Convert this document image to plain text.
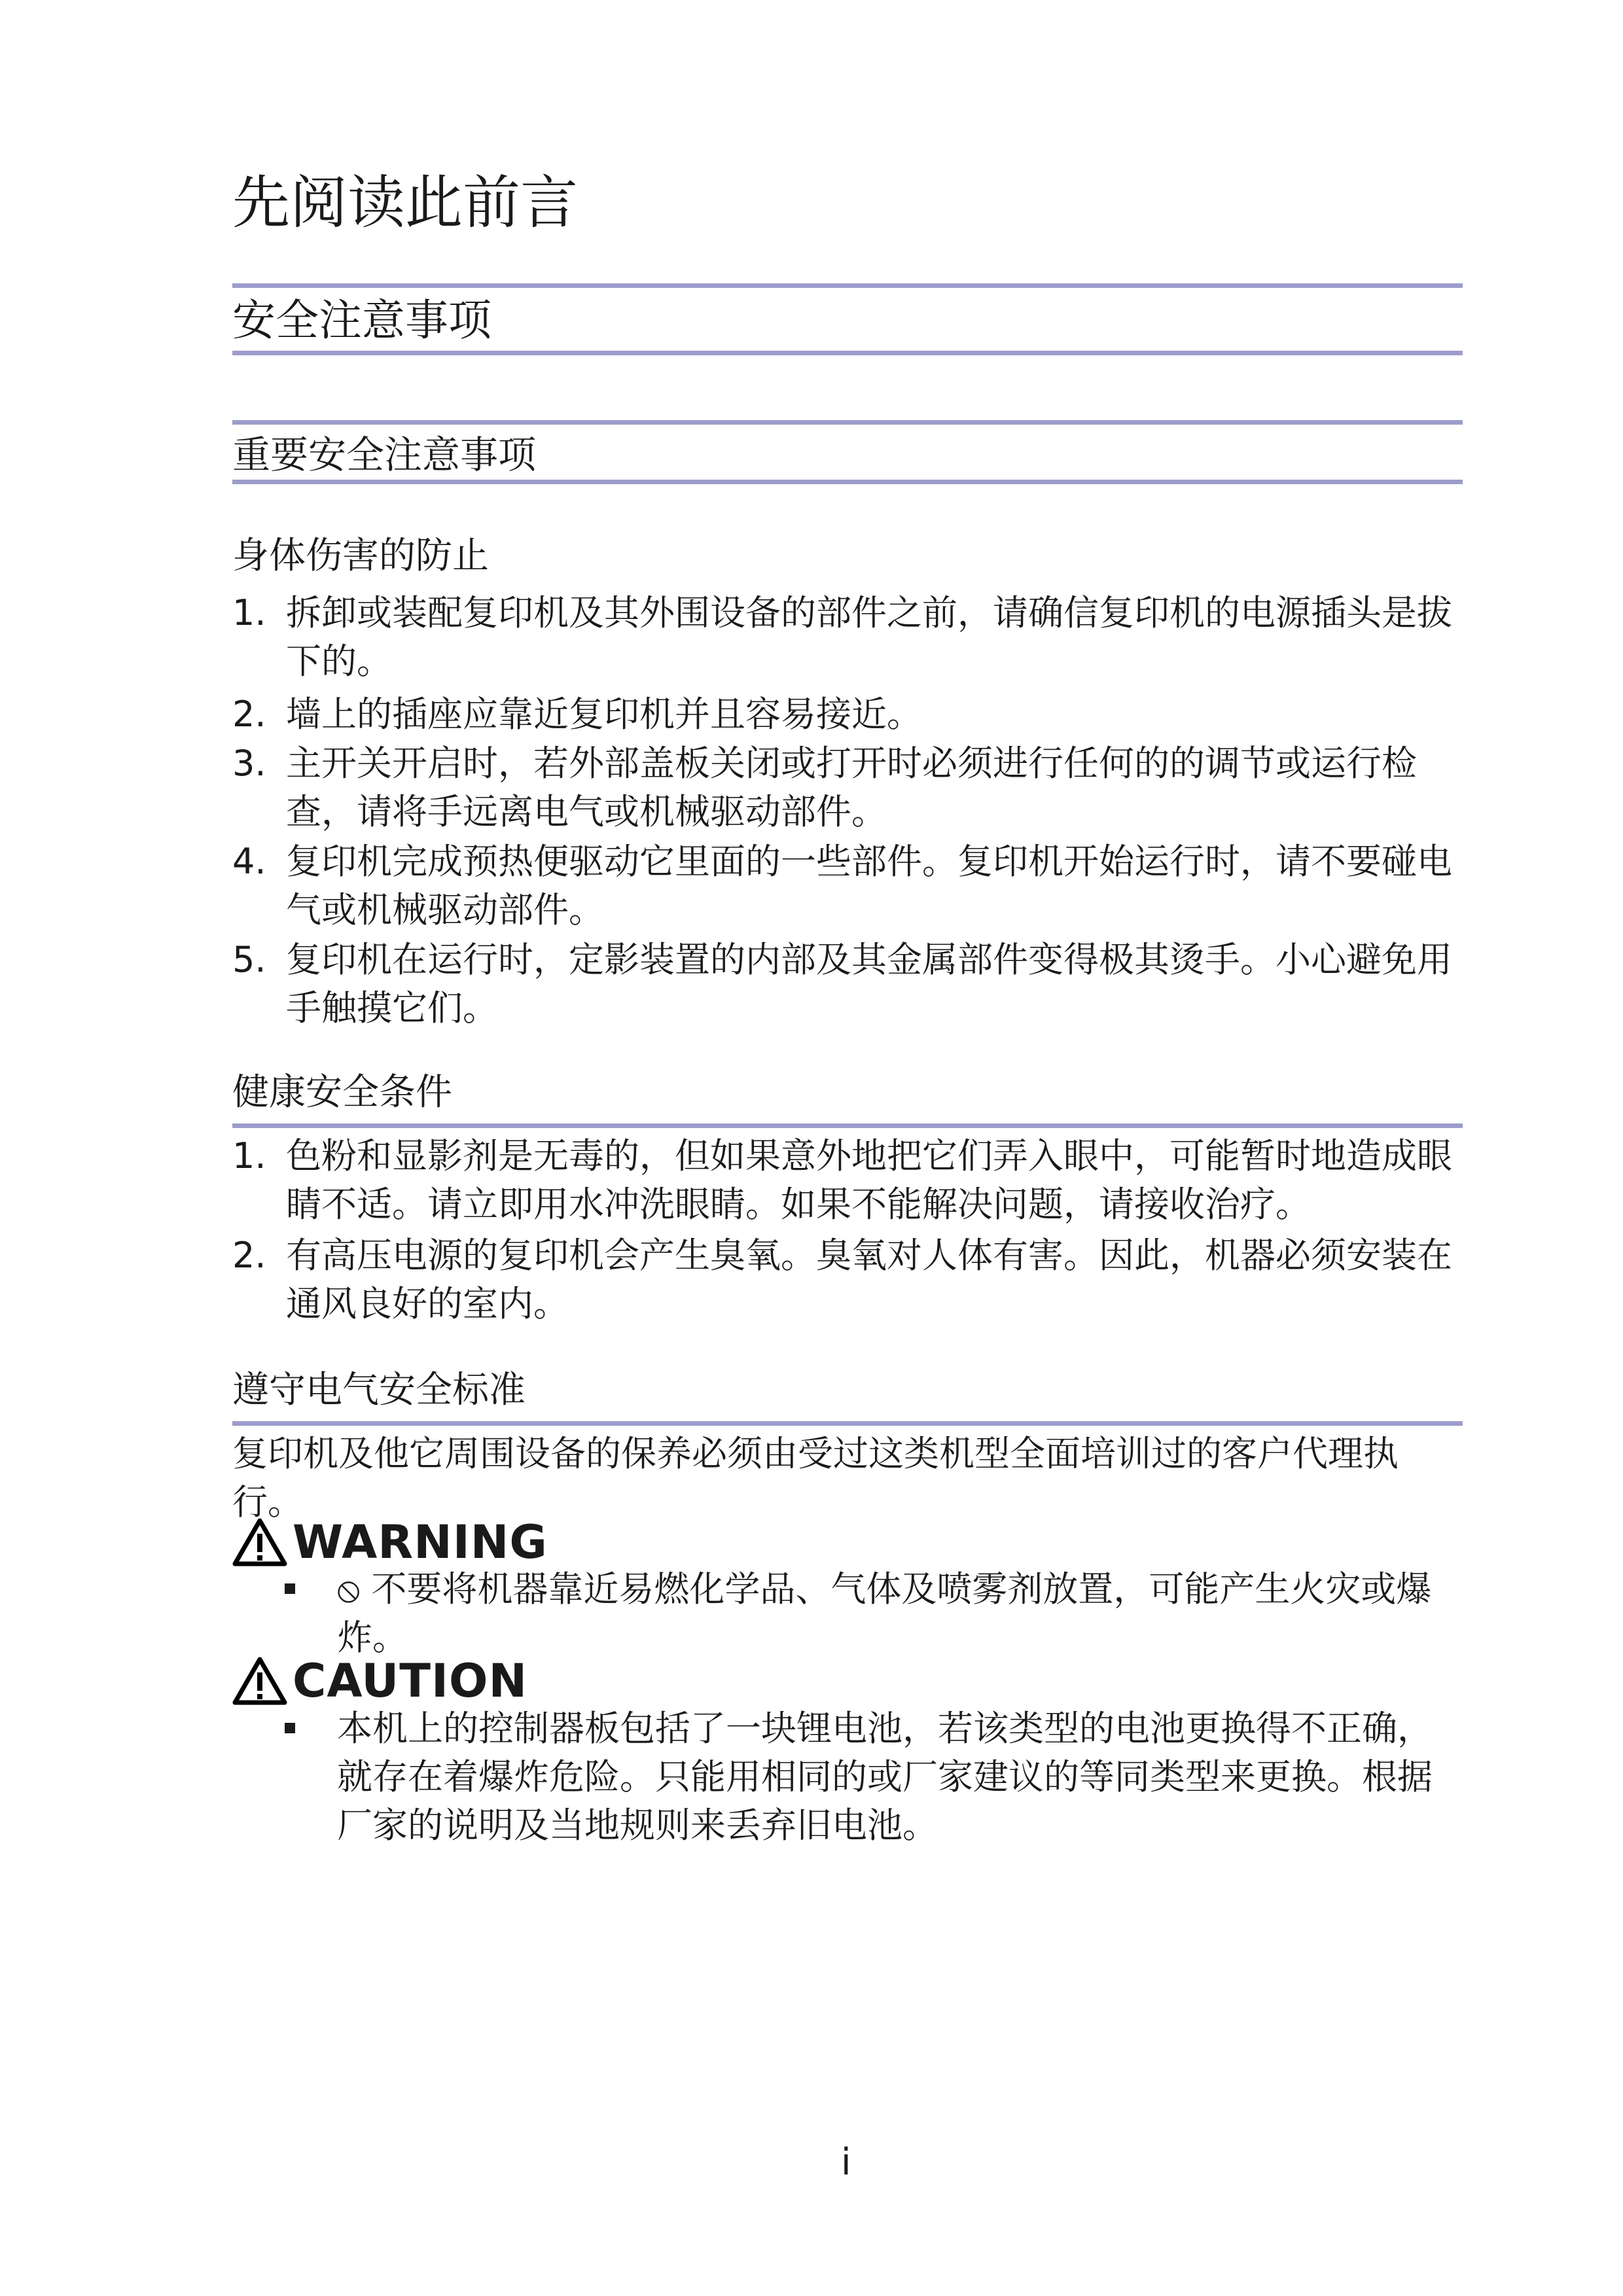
先阅读此前言
安全注意事项
重要安全注意事项
身体伤害的防止
1. 拆卸或装配复印机及其外围设备的部件之前，请确信复印机的电源插头是拔下的。
2. 墙上的插座应靠近复印机并且容易接近。
3. 主开关开启时，若外部盖板关闭或打开时必须进行任何的的调节或运行检查，请将手远离电气或机械驱动部件。
4. 复印机完成预热便驱动它里面的一些部件。复印机开始运行时，请不要碰电气或机械驱动部件。
5. 复印机在运行时，定影装置的内部及其金属部件变得极其烫手。小心避免用手触摸它们。
健康安全条件
1. 色粉和显影剂是无毒的，但如果意外地把它们弄入眼中，可能暂时地造成眼睛不适。请立即用水冲洗眼睛。如果不能解决问题，请接收治疗。
2. 有高压电源的复印机会产生臭氧。臭氧对人体有害。因此，机器必须安装在通风良好的室内。
遵守电气安全标准
复印机及他它周围设备的保养必须由受过这类机型全面培训过的客户代理执行。
WARNING
⦸ 不要将机器靠近易燃化学品、气体及喷雾剂放置，可能产生火灾或爆炸。
CAUTION
本机上的控制器板包括了一块锂电池，若该类型的电池更换得不正确，就存在着爆炸危险。只能用相同的或厂家建议的等同类型来更换。根据厂家的说明及当地规则来丢弃旧电池。
i
